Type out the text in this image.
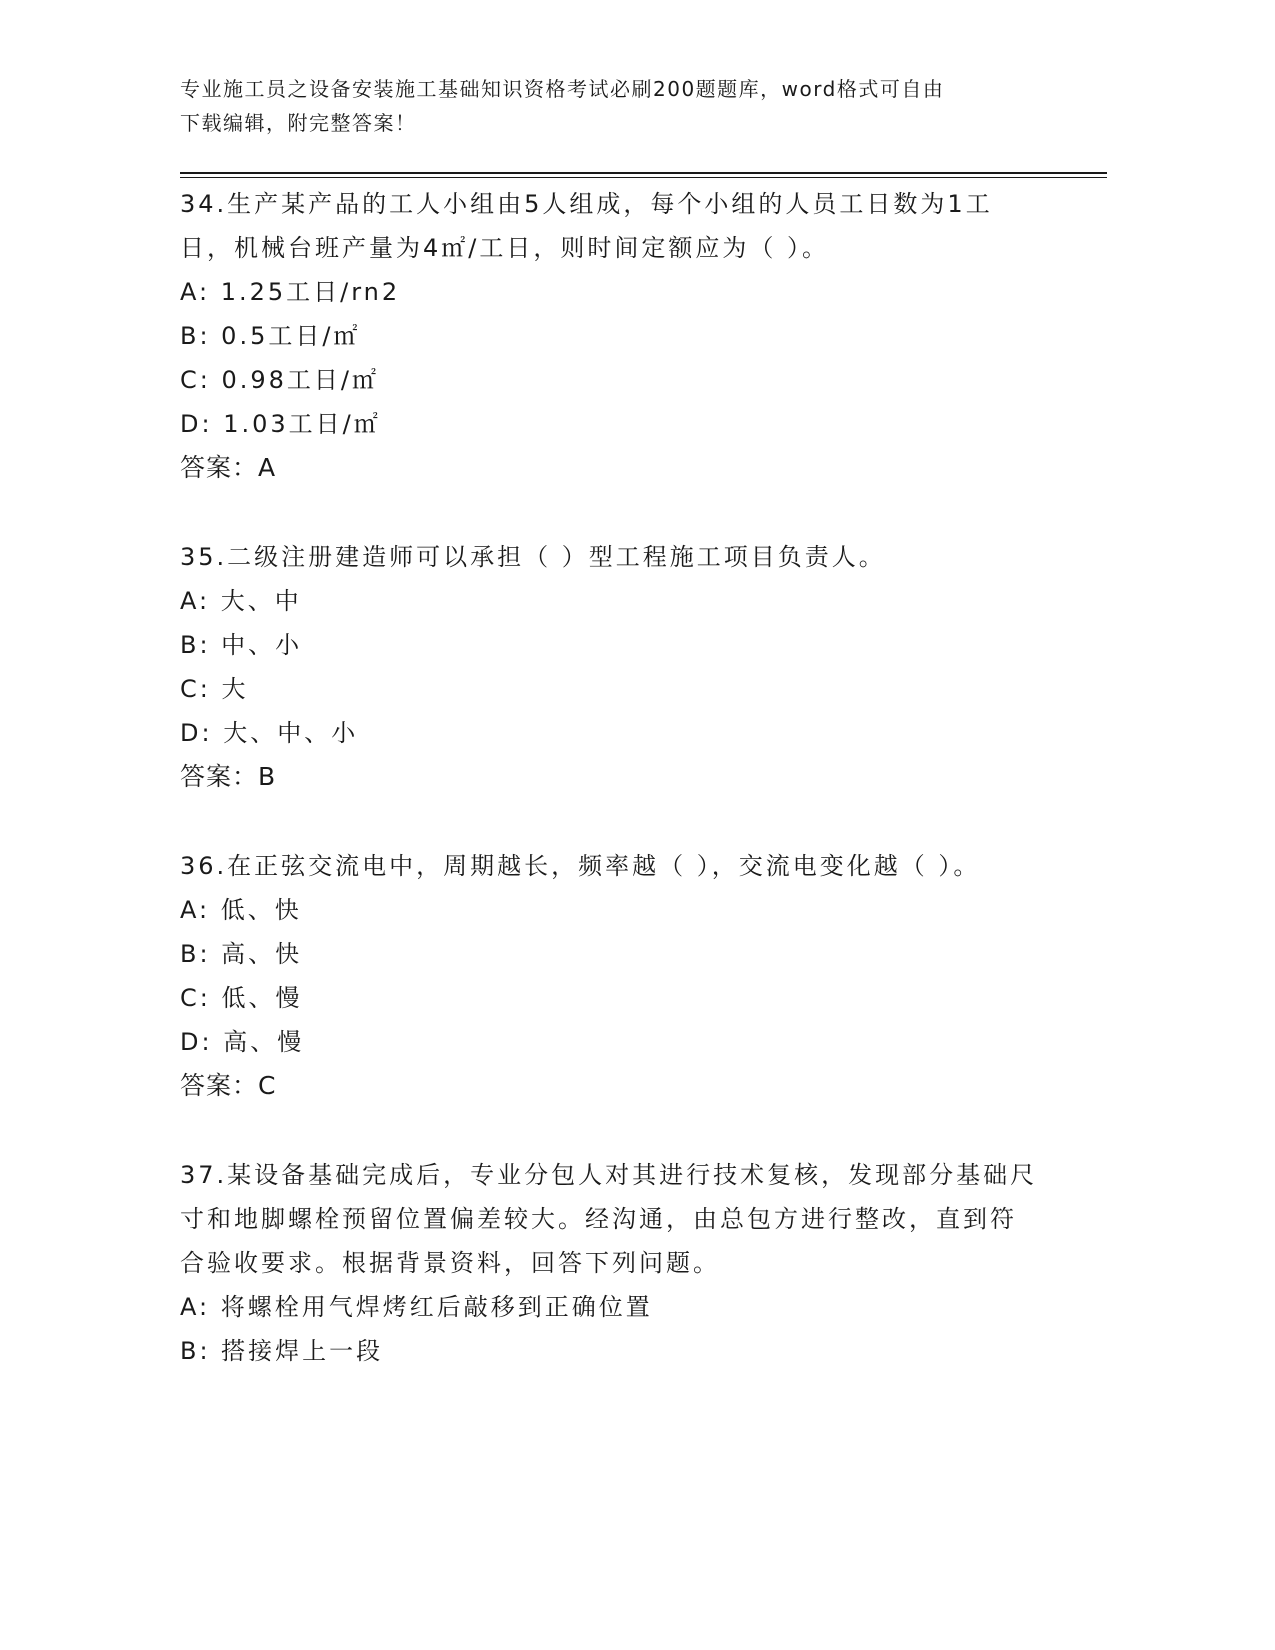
专业施工员之设备安装施工基础知识资格考试必刷200题题库，word格式可自由

下载编辑，附完整答案！

34.生产某产品的工人小组由5人组成，每个小组的人员工日数为1工日，机械台班产量为4㎡/工日，则时间定额应为（ ）。

A: 1.25工日/rn2

B: 0.5工日/㎡

C: 0.98工日/㎡

D: 1.03工日/㎡

答案：A

35.二级注册建造师可以承担（ ）型工程施工项目负责人。

A: 大、中

B: 中、小

C: 大

D: 大、中、小

答案：B

36.在正弦交流电中，周期越长，频率越（ ），交流电变化越（ ）。

A: 低、快

B: 高、快

C: 低、慢

D: 高、慢

答案：C

37.某设备基础完成后，专业分包人对其进行技术复核，发现部分基础尺寸和地脚螺栓预留位置偏差较大。经沟通，由总包方进行整改，直到符合验收要求。根据背景资料，回答下列问题。

A: 将螺栓用气焊烤红后敲移到正确位置

B: 搭接焊上一段
